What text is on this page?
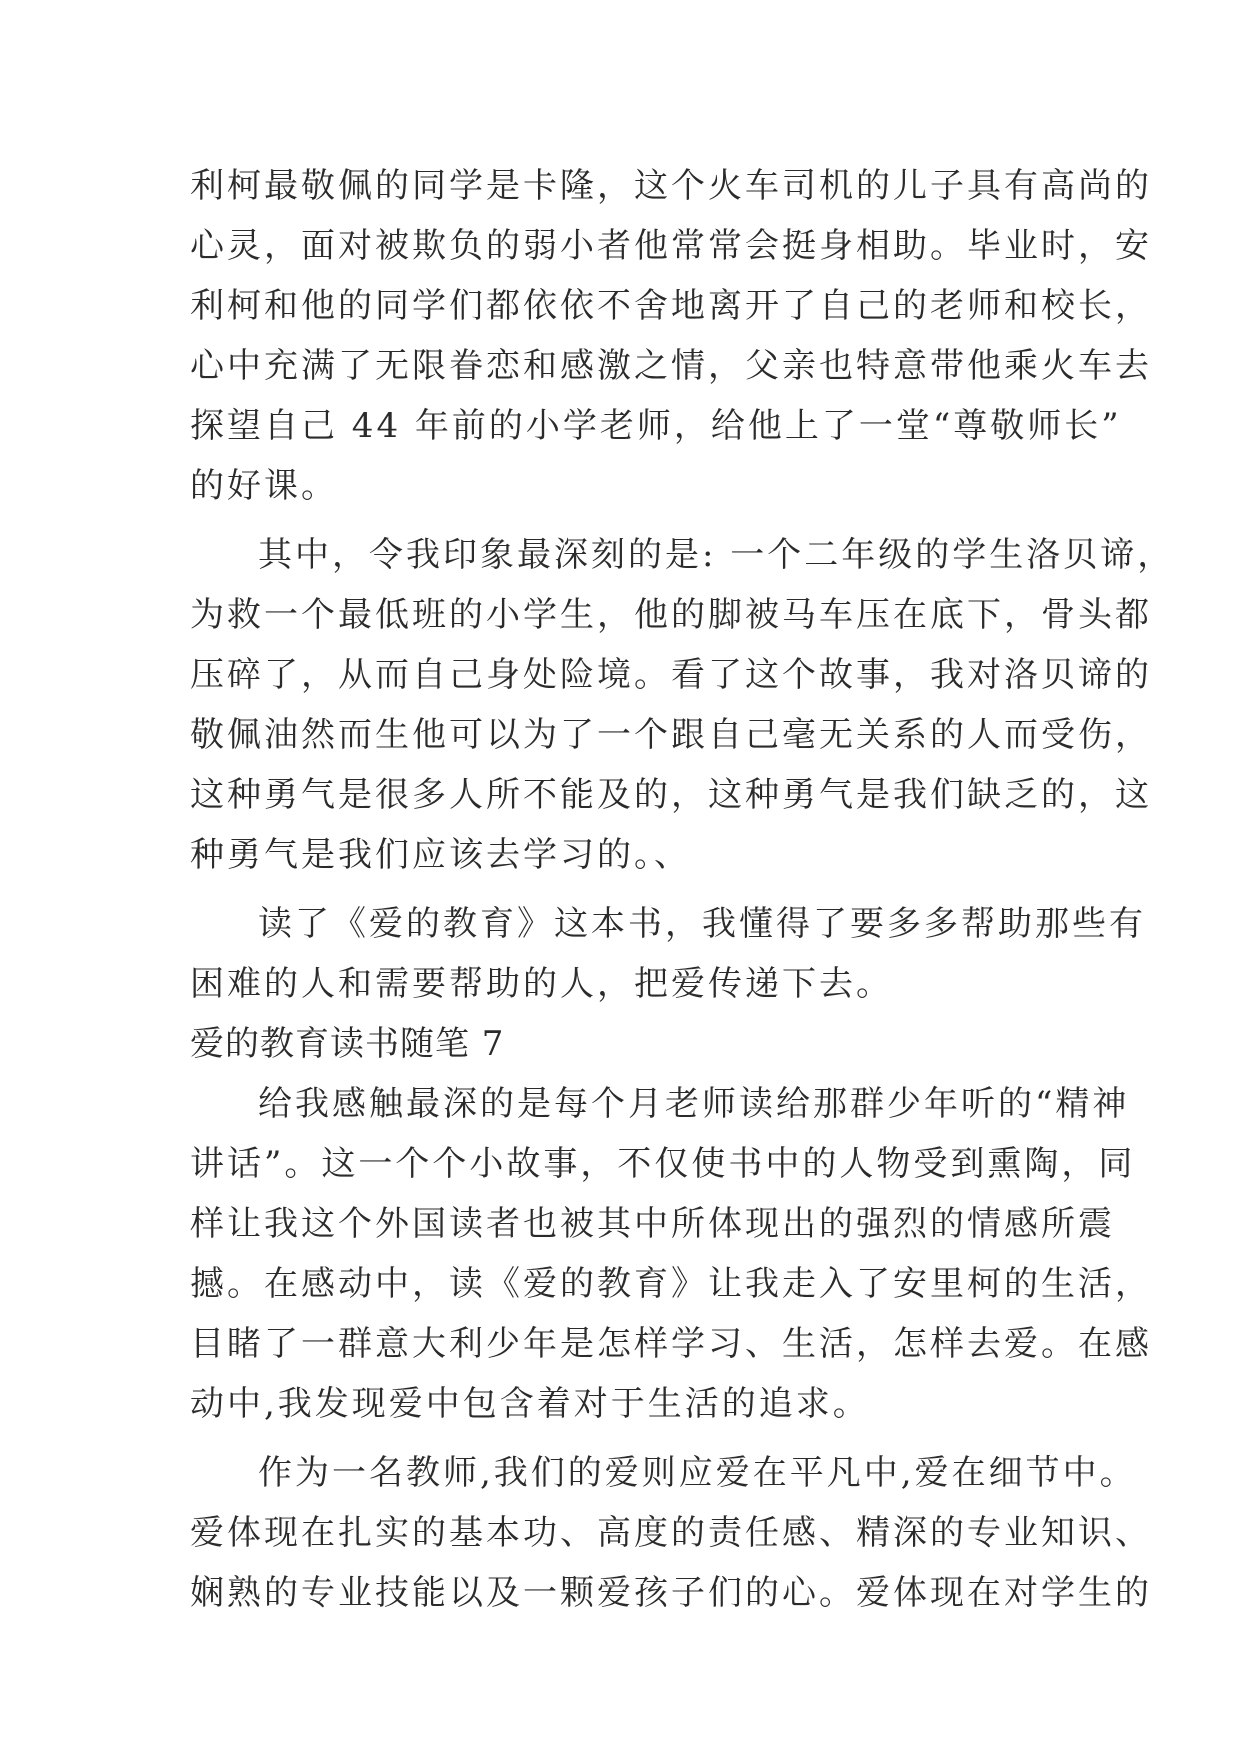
利柯最敬佩的同学是卡隆，这个火车司机的儿子具有高尚的
心灵，面对被欺负的弱小者他常常会挺身相助。毕业时，安
利柯和他的同学们都依依不舍地离开了自己的老师和校长，
心中充满了无限眷恋和感激之情，父亲也特意带他乘火车去
探望自己 44 年前的小学老师，给他上了一堂“尊敬师长”
的好课。
其中，令我印象最深刻的是: 一个二年级的学生洛贝谛，
为救一个最低班的小学生，他的脚被马车压在底下，骨头都
压碎了，从而自己身处险境。看了这个故事，我对洛贝谛的
敬佩油然而生他可以为了一个跟自己毫无关系的人而受伤，
这种勇气是很多人所不能及的，这种勇气是我们缺乏的，这
种勇气是我们应该去学习的。、
读了《爱的教育》这本书，我懂得了要多多帮助那些有
困难的人和需要帮助的人，把爱传递下去。
爱的教育读书随笔 7
给我感触最深的是每个月老师读给那群少年听的“精神
讲话”。这一个个小故事，不仅使书中的人物受到熏陶，同
样让我这个外国读者也被其中所体现出的强烈的情感所震
撼。在感动中，读《爱的教育》让我走入了安里柯的生活，
目睹了一群意大利少年是怎样学习、生活，怎样去爱。在感
动中,我发现爱中包含着对于生活的追求。
作为一名教师,我们的爱则应爱在平凡中,爱在细节中。
爱体现在扎实的基本功、高度的责任感、精深的专业知识、
娴熟的专业技能以及一颗爱孩子们的心。爱体现在对学生的
